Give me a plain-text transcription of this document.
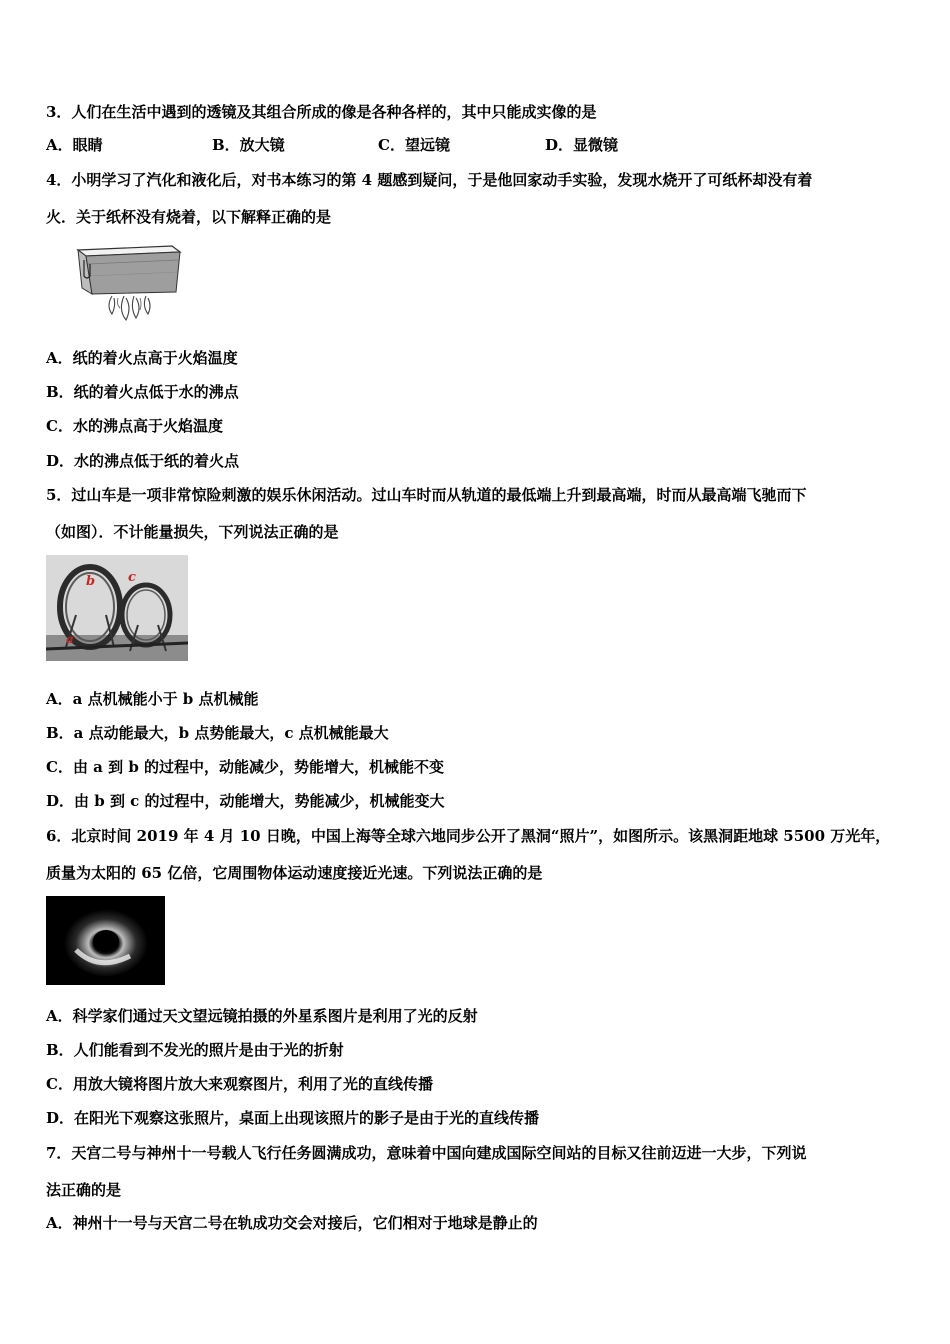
3．人们在生活中遇到的透镜及其组合所成的像是各种各样的，其中只能成实像的是
A．眼睛	B．放大镜	C．望远镜	D．显微镜
4．小明学习了汽化和液化后，对书本练习的第 4 题感到疑问，于是他回家动手实验，发现水烧开了可纸杯却没有着
火．关于纸杯没有烧着，以下解释正确的是
A．纸的着火点高于火焰温度
B．纸的着火点低于水的沸点
C．水的沸点高于火焰温度
D．水的沸点低于纸的着火点
5．过山车是一项非常惊险刺激的娱乐休闲活动。过山车时而从轨道的最低端上升到最高端，时而从最高端飞驰而下
（如图）．不计能量损失，下列说法正确的是
b	c
a
A．a 点机械能小于 b 点机械能
B．a 点动能最大，b 点势能最大，c 点机械能最大
C．由 a 到 b 的过程中，动能减少，势能增大，机械能不变
D．由 b 到 c 的过程中，动能增大，势能减少，机械能变大
6．北京时间 2019 年 4 月 10 日晚，中国上海等全球六地同步公开了黑洞“照片”，如图所示。该黑洞距地球 5500 万光年，
质量为太阳的 65 亿倍，它周围物体运动速度接近光速。下列说法正确的是
A．科学家们通过天文望远镜拍摄的外星系图片是利用了光的反射
B．人们能看到不发光的照片是由于光的折射
C．用放大镜将图片放大来观察图片，利用了光的直线传播
D．在阳光下观察这张照片，桌面上出现该照片的影子是由于光的直线传播
7．天宫二号与神州十一号载人飞行任务圆满成功，意味着中国向建成国际空间站的目标又往前迈进一大步，下列说
法正确的是
A．神州十一号与天宫二号在轨成功交会对接后，它们相对于地球是静止的
